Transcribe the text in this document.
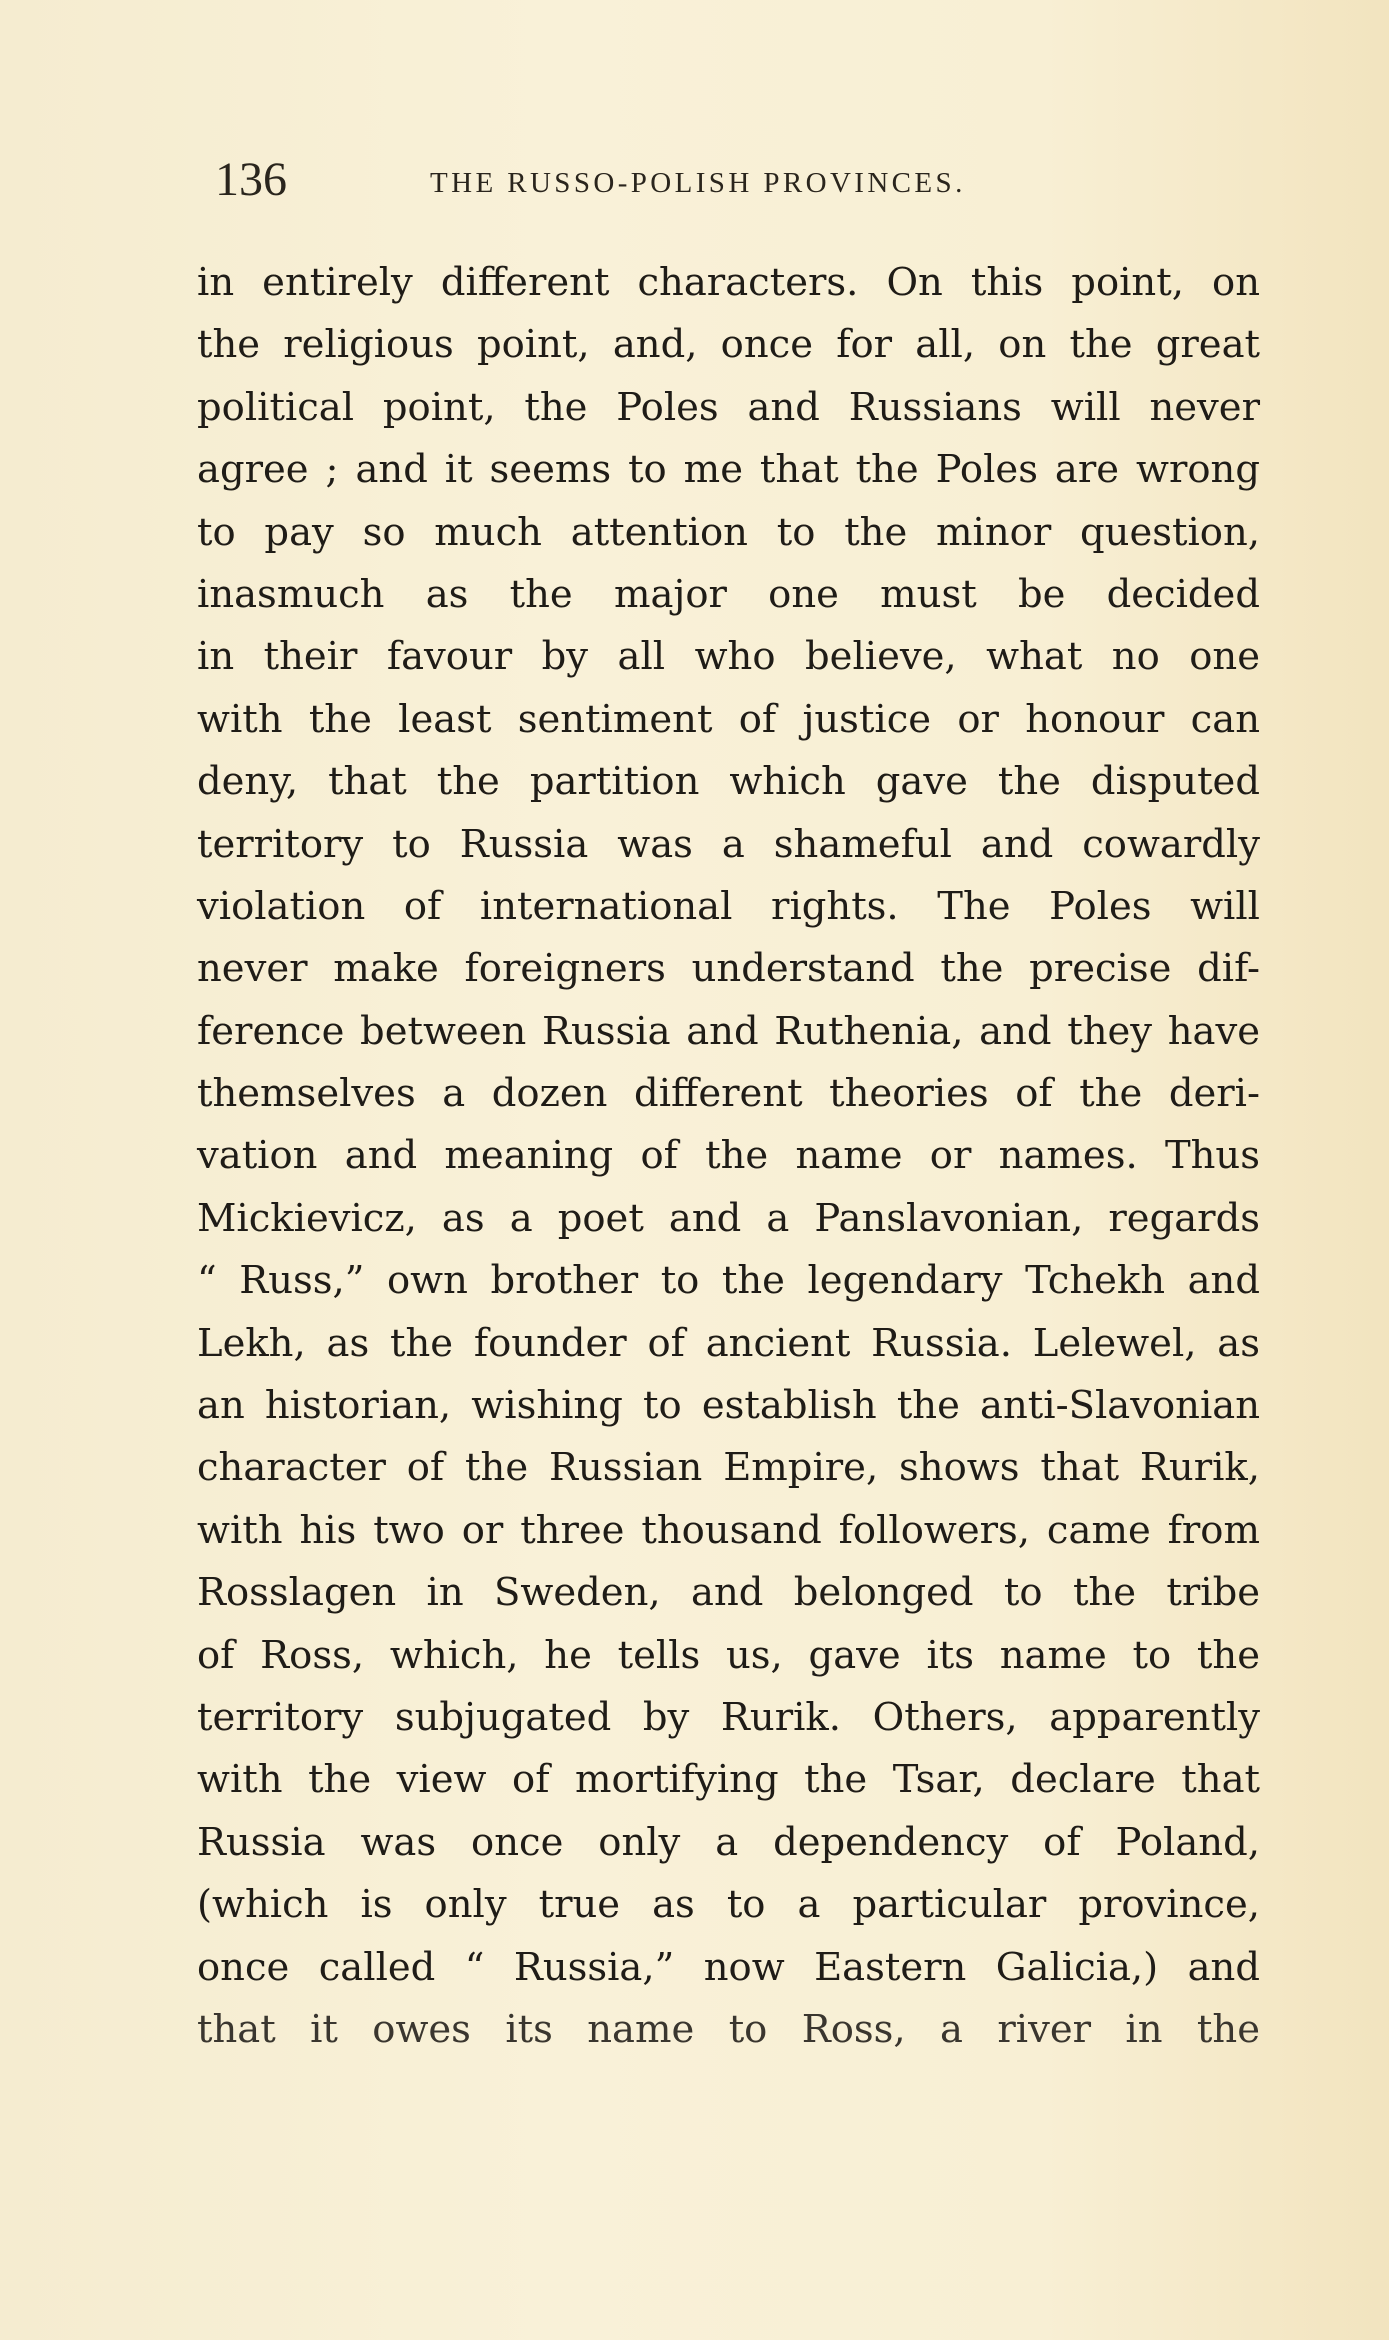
136	THE RUSSO-POLISH PROVINCES.
in entirely different characters. On this point, on
the religious point, and, once for all, on the great
political point, the Poles and Russians will never
agree ; and it seems to me that the Poles are wrong
to pay so much attention to the minor question,
inasmuch as the major one must be decided
in their favour by all who believe, what no one
with the least sentiment of justice or honour can
deny, that the partition which gave the disputed
territory to Russia was a shameful and cowardly
violation of international rights. The Poles will
never make foreigners understand the precise dif-
ference between Russia and Ruthenia, and they have
themselves a dozen different theories of the deri-
vation and meaning of the name or names. Thus
Mickievicz, as a poet and a Panslavonian, regards
“ Russ,” own brother to the legendary Tchekh and
Lekh, as the founder of ancient Russia. Lelewel, as
an historian, wishing to establish the anti-Slavonian
character of the Russian Empire, shows that Rurik,
with his two or three thousand followers, came from
Rosslagen in Sweden, and belonged to the tribe
of Ross, which, he tells us, gave its name to the
territory subjugated by Rurik. Others, apparently
with the view of mortifying the Tsar, declare that
Russia was once only a dependency of Poland,
(which is only true as to a particular province,
once called “ Russia,” now Eastern Galicia,) and
that it owes its name to Ross, a river in the
